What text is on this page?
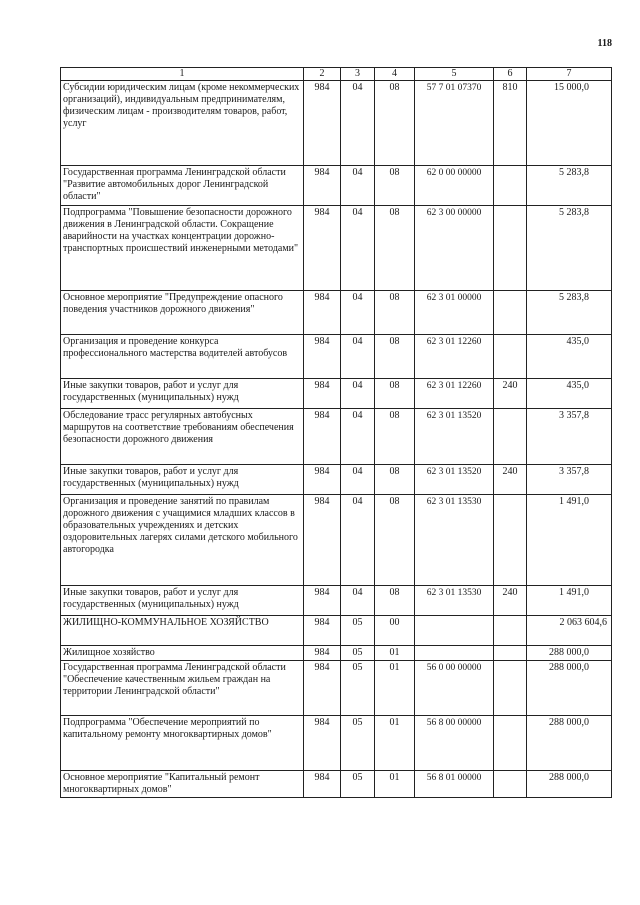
118
1	2	3	4	5	6	7
Субсидии юридическим лицам (кроме некоммерческих организаций), индивидуальным предпринимателям, физическим лицам - производителям товаров, работ, услуг	984	04	08	57 7 01 07370	810	15 000,0
Государственная программа Ленинградской области "Развитие автомобильных дорог Ленинградской области"	984	04	08	62 0 00 00000		5 283,8
Подпрограмма "Повышение безопасности дорожного движения в Ленинградской области. Сокращение аварийности на участках концентрации дорожно-транспортных происшествий инженерными методами"	984	04	08	62 3 00 00000		5 283,8
Основное мероприятие "Предупреждение опасного поведения участников дорожного движения"	984	04	08	62 3 01 00000		5 283,8
Организация и проведение конкурса профессионального мастерства водителей автобусов	984	04	08	62 3 01 12260		435,0
Иные закупки товаров, работ и услуг для государственных (муниципальных) нужд	984	04	08	62 3 01 12260	240	435,0
Обследование трасс регулярных автобусных маршрутов на соответствие требованиям обеспечения безопасности дорожного движения	984	04	08	62 3 01 13520		3 357,8
Иные закупки товаров, работ и услуг для государственных (муниципальных) нужд	984	04	08	62 3 01 13520	240	3 357,8
Организация и проведение занятий по правилам дорожного движения с учащимися младших классов в образовательных учреждениях и детских оздоровительных лагерях силами детского мобильного автогородка	984	04	08	62 3 01 13530		1 491,0
Иные закупки товаров, работ и услуг для государственных (муниципальных) нужд	984	04	08	62 3 01 13530	240	1 491,0
ЖИЛИЩНО-КОММУНАЛЬНОЕ ХОЗЯЙСТВО	984	05	00			2 063 604,6
Жилищное хозяйство	984	05	01			288 000,0
Государственная программа Ленинградской области "Обеспечение качественным жильем граждан на территории Ленинградской области"	984	05	01	56 0 00 00000		288 000,0
Подпрограмма "Обеспечение мероприятий по капитальному ремонту многоквартирных домов"	984	05	01	56 8 00 00000		288 000,0
Основное мероприятие "Капитальный ремонт многоквартирных домов"	984	05	01	56 8 01 00000		288 000,0
